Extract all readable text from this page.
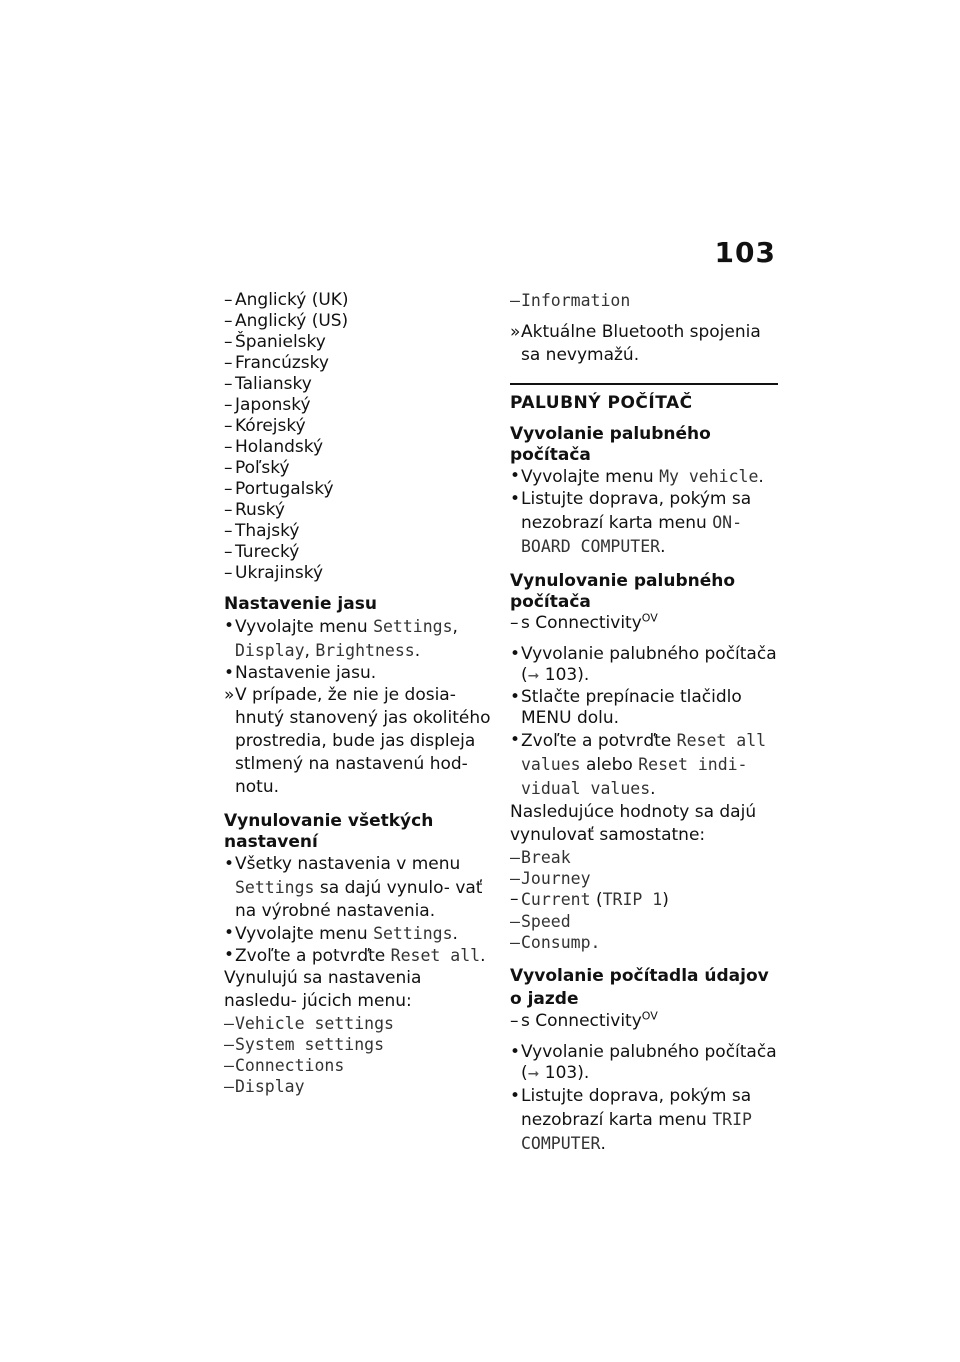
103
– Anglický (UK)
– Anglický (US)
– Španielsky
– Francúzsky
– Taliansky
– Japonský
– Kórejský
– Holandský
– Poľský
– Portugalský
– Ruský
– Thajský
– Turecký
– Ukrajinský
Nastavenie jasu
• Vyvolajte menu Settings,
Display, Brightness.
• Nastavenie jasu.
» V prípade, že nie je dosia- hnutý stanovený jas okolitého prostredia, bude jas displeja stlmený na nastavenú hod- notu.
Vynulovanie všetkých nastavení
• Všetky nastavenia v menu Settings sa dajú vynulo- vať na výrobné nastavenia.
• Vyvolajte menu Settings.
• Zvoľte a potvrďte Reset all.
Vynulujú sa nastavenia nasledu- júcich menu:
– Vehicle settings
– System settings
– Connections
– Display
– Information
» Aktuálne Bluetooth spojenia sa nevymažú.
PALUBNÝ POČÍTAČ
Vyvolanie palubného počítača
• Vyvolajte menu My vehicle.
• Listujte doprava, pokým sa nezobrazí karta menu ON- BOARD COMPUTER.
Vynulovanie palubného počítača
– s Connectivity$^{OV}$
• Vyvolanie palubného počítača
(➞ 103).
• Stlačte prepínacie tlačidlo MENU dolu.
• Zvoľte a potvrďte Reset all values alebo Reset indi- vidual values.
Nasledujúce hodnoty sa dajú vynulovať samostatne:
– Break
– Journey
– Current (TRIP 1)
– Speed
– Consump.
Vyvolanie počítadla údajov o jazde
– s Connectivity$^{OV}$
• Vyvolanie palubného počítača
(➞ 103).
• Listujte doprava, pokým sa nezobrazí karta menu TRIP COMPUTER.
